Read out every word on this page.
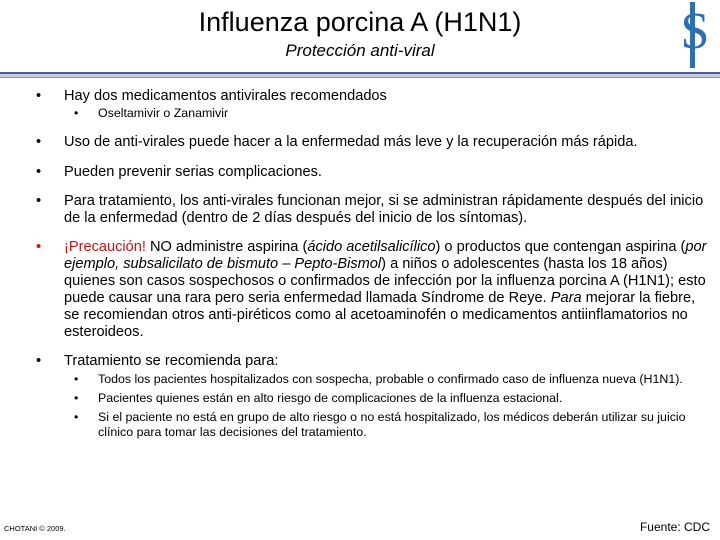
Influenza porcina A (H1N1)
Protección anti-viral	S
• Hay dos medicamentos antivirales recomendados
• Oseltamivir o Zanamivir
• Uso de anti-virales puede hacer a la enfermedad más leve y la recuperación más rápida.
• Pueden prevenir serias complicaciones.
• Para tratamiento, los anti-virales funcionan mejor, si se administran rápidamente después del inicio de la enfermedad (dentro de 2 días después del inicio de los síntomas).
• ¡Precaución! NO administre aspirina (ácido acetilsalicílico) o productos que contengan aspirina (por ejemplo, subsalicilato de bismuto – Pepto-Bismol) a niños o adolescentes (hasta los 18 años) quienes son casos sospechosos o confirmados de infección por la influenza porcina A (H1N1); esto puede causar una rara pero seria enfermedad llamada Síndrome de Reye. Para mejorar la fiebre, se recomiendan otros anti-piréticos como al acetoaminofén o medicamentos antiinflamatorios no esteroideos.
• Tratamiento se recomienda para:
• Todos los pacientes hospitalizados con sospecha, probable o confirmado caso de influenza nueva (H1N1).
• Pacientes quienes están en alto riesgo de complicaciones de la influenza estacional.
• Si el paciente no está en grupo de alto riesgo o no está hospitalizado, los médicos deberán utilizar su juicio clínico para tomar las decisiones del tratamiento.
CHOTANI © 2009.	Fuente: CDC
